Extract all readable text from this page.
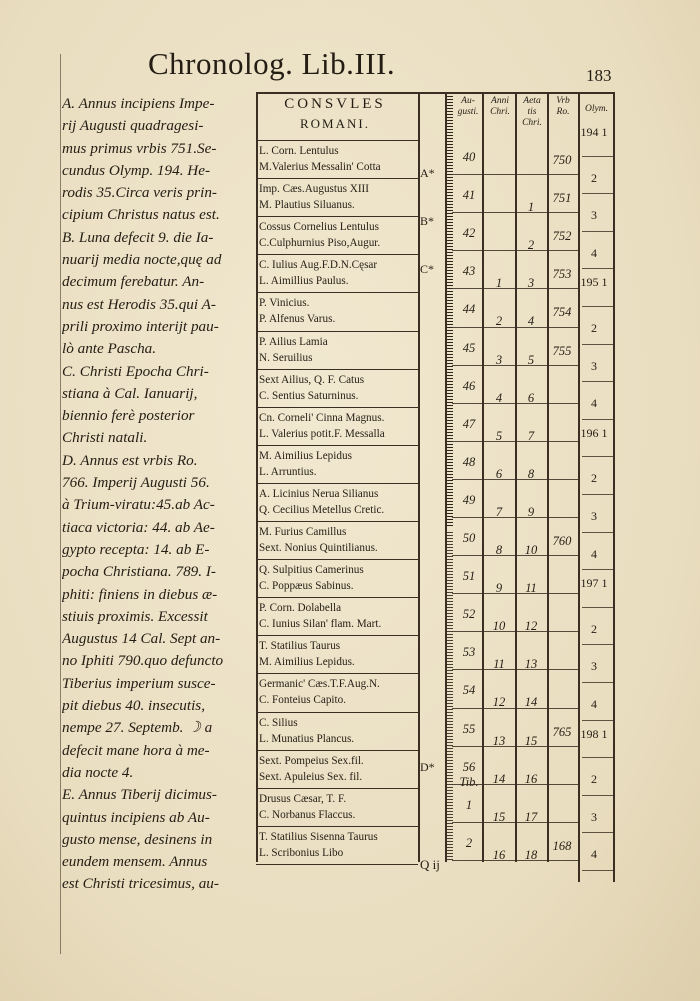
Chronolog. Lib.III.	183
A. Annus incipiens Impe-
rij Augusti quadragesi-
mus primus vrbis 751.Se-
cundus Olymp. 194. He-
rodis 35.Circa veris prin-
cipium Christus natus est.
B. Luna defecit 9. die Ia-
nuarij media nocte,quę ad
decimum ferebatur. An-
nus est Herodis 35.qui A-
prili proximo interijt pau-
lò ante Pascha.
C. Christi Epocha Chri-
stiana à Cal. Ianuarij,
biennio ferè posterior
Christi natali.
D. Annus est vrbis Ro.
766. Imperij Augusti 56.
à Trium-viratu:45.ab Ac-
tiaca victoria: 44. ab Ae-
gypto recepta: 14. ab E-
pocha Christiana. 789. I-
phiti: finiens in diebus æ-
stiuis proximis. Excessit
Augustus 14 Cal. Sept an-
no Iphiti 790.quo defuncto
Tiberius imperium susce-
pit diebus 40. insecutis,
nempe 27. Septemb. ☽ a
defecit mane hora à me-
dia nocte 4.
E. Annus Tiberij dicimus-
quintus incipiens ab Au-
gusto mense, desinens in
eundem mensem. Annus
est Christi tricesimus, au-
CONSVLES
ROMANI.
Au-gusti.
Anni Chri.
Aeta tis Chri.
Vrb Ro.	Olym.
L. Corn. Lentulus
M.Valerius Messalin' Cotta
Imp. Cæs.Augustus XIII
M. Plautius Siluanus.
Cossus Cornelius Lentulus
C.Culphurnius Piso,Augur.
C. Iulius Aug.F.D.N.Cęsar
L. Aimillius Paulus.
P. Vinicius.
P. Alfenus Varus.
P. Ailius Lamia
N. Seruilius
Sext Ailius, Q. F. Catus
C. Sentius Saturninus.
Cn. Corneli' Cinna Magnus.
L. Valerius potit.F. Messalla
M. Aimilius Lepidus
L. Arruntius.
A. Licinius Nerua Silianus
Q. Cecilius Metellus Cretic.
M. Furius Camillus
Sext. Nonius Quintilianus.
Q. Sulpitius Camerinus
C. Poppæus Sabinus.
P. Corn. Dolabella
C. Iunius Silan' flam. Mart.
T. Statilius Taurus
M. Aimilius Lepidus.
Germanic' Cæs.T.F.Aug.N.
C. Fonteius Capito.
C. Silius
L. Munatius Plancus.
Sext. Pompeius Sex.fil.
Sext. Apuleius Sex. fil.
Drusus Cæsar, T. F.
C. Norbanus Flaccus.
T. Statilius Sisenna Taurus
L. Scribonius Libo
A*
B*
C*
D*
40
41
42
43
44
45
46
47
48
49
50
51
52
53
54
55
56 Tib.
1
2
1
2
3
4
5
6
7
8
9
10
11
12
13
14
15
16
1
2
3
4
5
6
7
8
9
10
11
12
13
14
15
16
17
18
750
751
752
753
754
755
760
765
168
194 1
2
3
4
195 1
2
3
4
196 1
2
3
4
197 1
2
3
4
198 1
2
3
4
Q ij
